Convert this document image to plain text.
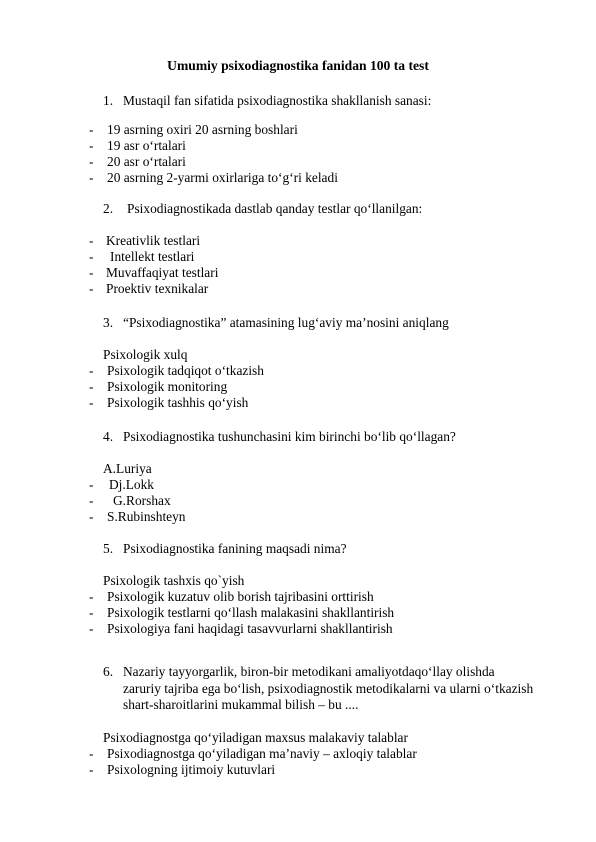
Umumiy psixodiagnostika fanidan 100 ta test
1. Mustaqil fan sifatida psixodiagnostika shakllanish sanasi:
- 19 asrning oxiri 20 asrning boshlari
- 19 asr o‘rtalari
- 20 asr o‘rtalari
- 20 asrning 2-yarmi oxirlariga to‘g‘ri keladi
2. Psixodiagnostikada dastlab qanday testlar qo‘llanilgan:
- Kreativlik testlari
- Intellekt testlari
- Muvaffaqiyat testlari
- Proektiv texnikalar
3. “Psixodiagnostika” atamasining lug‘aviy ma’nosini aniqlang
Psixologik xulq
- Psixologik tadqiqot o‘tkazish
- Psixologik monitoring
- Psixologik tashhis qo‘yish
4. Psixodiagnostika tushunchasini kim birinchi bo‘lib qo‘llagan?
A.Luriya
- Dj.Lokk
- G.Rorshax
- S.Rubinshteyn
5. Psixodiagnostika fanining maqsadi nima?
Psixologik tashxis qo`yish
- Psixologik kuzatuv olib borish tajribasini orttirish
- Psixologik testlarni qo‘llash malakasini shakllantirish
- Psixologiya fani haqidagi tasavvurlarni shakllantirish
6. Nazariy tayyorgarlik, biron-bir metodikani amaliyotdaqo‘llay olishda
zaruriy tajriba ega bo‘lish, psixodiagnostik metodikalarni va ularni o‘tkazish
shart-sharoitlarini mukammal bilish – bu ....
Psixodiagnostga qo‘yiladigan maxsus malakaviy talablar
- Psixodiagnostga qo‘yiladigan ma’naviy – axloqiy talablar
- Psixologning ijtimoiy kutuvlari
